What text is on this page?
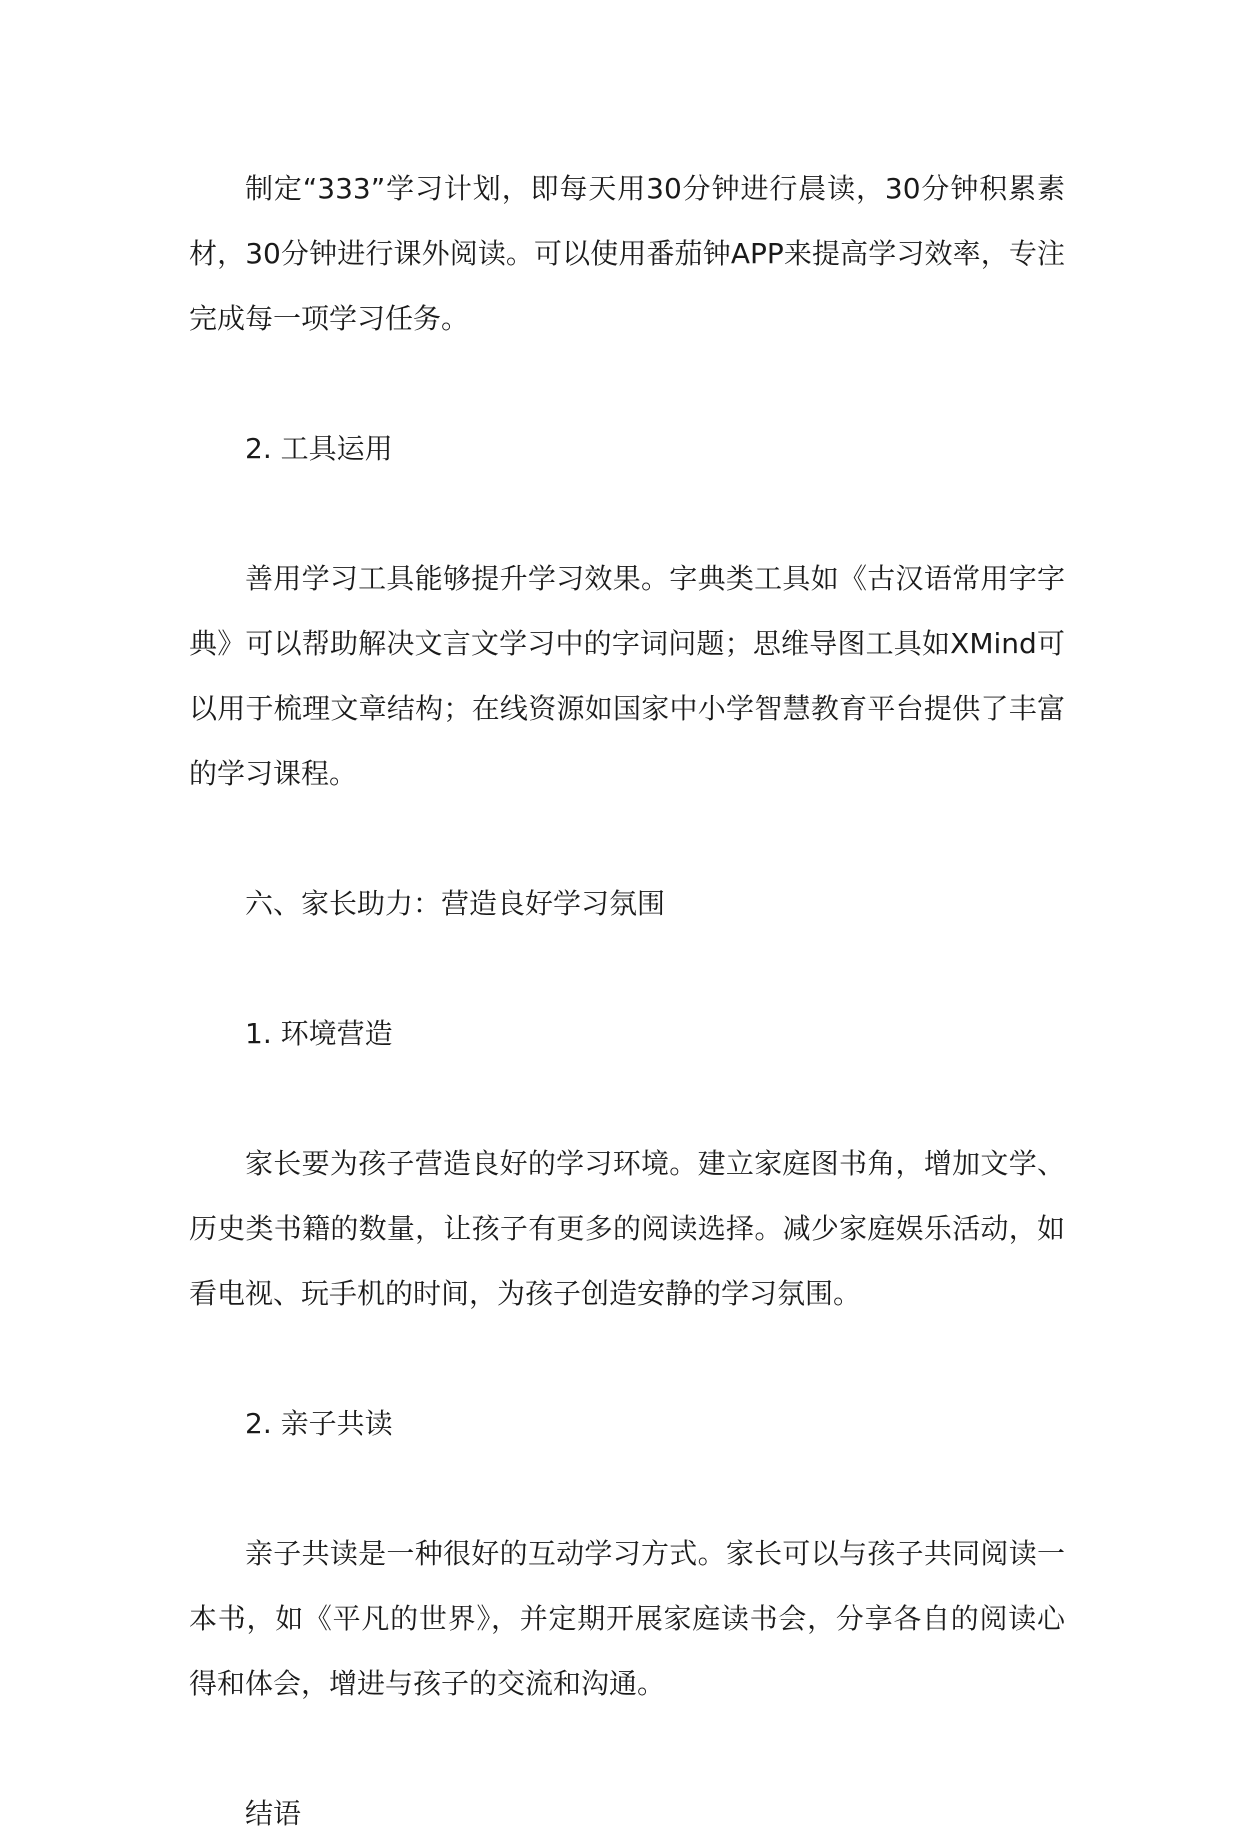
制定“333”学习计划，即每天用30分钟进行晨读，30分钟积累素材，30分钟进行课外阅读。可以使用番茄钟APP来提高学习效率，专注完成每一项学习任务。

2. 工具运用

善用学习工具能够提升学习效果。字典类工具如《古汉语常用字字典》可以帮助解决文言文学习中的字词问题；思维导图工具如XMind可以用于梳理文章结构；在线资源如国家中小学智慧教育平台提供了丰富的学习课程。

六、家长助力：营造良好学习氛围

1. 环境营造

家长要为孩子营造良好的学习环境。建立家庭图书角，增加文学、历史类书籍的数量，让孩子有更多的阅读选择。减少家庭娱乐活动，如看电视、玩手机的时间，为孩子创造安静的学习氛围。

2. 亲子共读

亲子共读是一种很好的互动学习方式。家长可以与孩子共同阅读一本书，如《平凡的世界》，并定期开展家庭读书会，分享各自的阅读心得和体会，增进与孩子的交流和沟通。

结语
